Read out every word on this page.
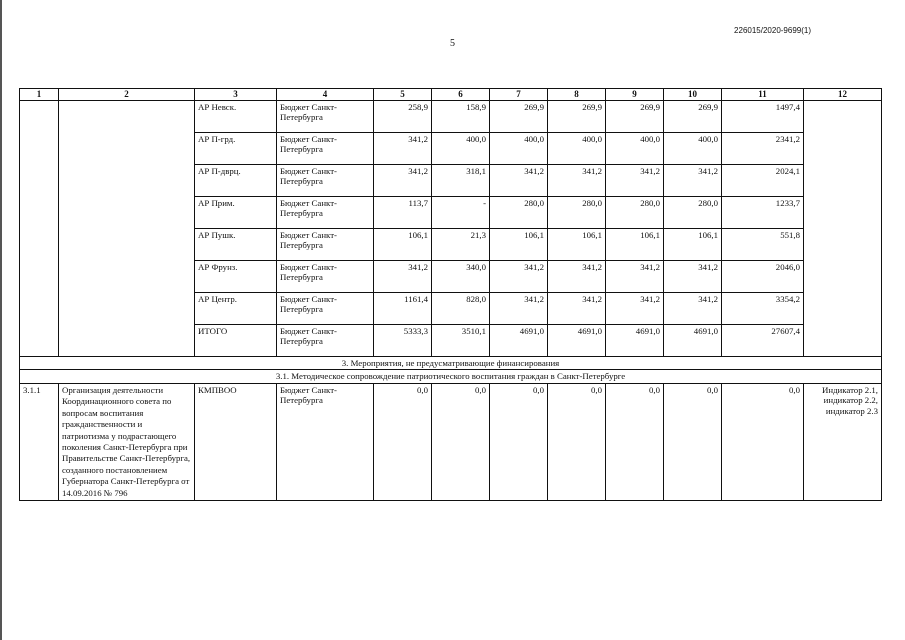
226015/2020-9699(1)
5
1	2	3	4	5	6	7	8	9	10	11	12
		АР Невск.	Бюджет Санкт-Петербурга	258,9	158,9	269,9	269,9	269,9	269,9	1497,4	
		АР П-грд.	Бюджет Санкт-Петербурга	341,2	400,0	400,0	400,0	400,0	400,0	2341,2	
		АР П-дврц.	Бюджет Санкт-Петербурга	341,2	318,1	341,2	341,2	341,2	341,2	2024,1	
		АР Прим.	Бюджет Санкт-Петербурга	113,7	-	280,0	280,0	280,0	280,0	1233,7	
		АР Пушк.	Бюджет Санкт-Петербурга	106,1	21,3	106,1	106,1	106,1	106,1	551,8	
		АР Фрунз.	Бюджет Санкт-Петербурга	341,2	340,0	341,2	341,2	341,2	341,2	2046,0	
		АР Центр.	Бюджет Санкт-Петербурга	1161,4	828,0	341,2	341,2	341,2	341,2	3354,2	
		ИТОГО	Бюджет Санкт-Петербурга	5333,3	3510,1	4691,0	4691,0	4691,0	4691,0	27607,4	
3. Мероприятия, не предусматривающие финансирования											
3.1. Методическое сопровождение патриотического воспитания граждан в Санкт-Петербурге											
3.1.1	Организация деятельности Координационного совета по вопросам воспитания гражданственности и патриотизма у подрастающего поколения Санкт-Петербурга при Правительстве Санкт-Петербурга, созданного постановлением Губернатора Санкт-Петербурга от 14.09.2016 № 796	КМПВОО	Бюджет Санкт-Петербурга	0,0	0,0	0,0	0,0	0,0	0,0	0,0	Индикатор 2.1, индикатор 2.2, индикатор 2.3
